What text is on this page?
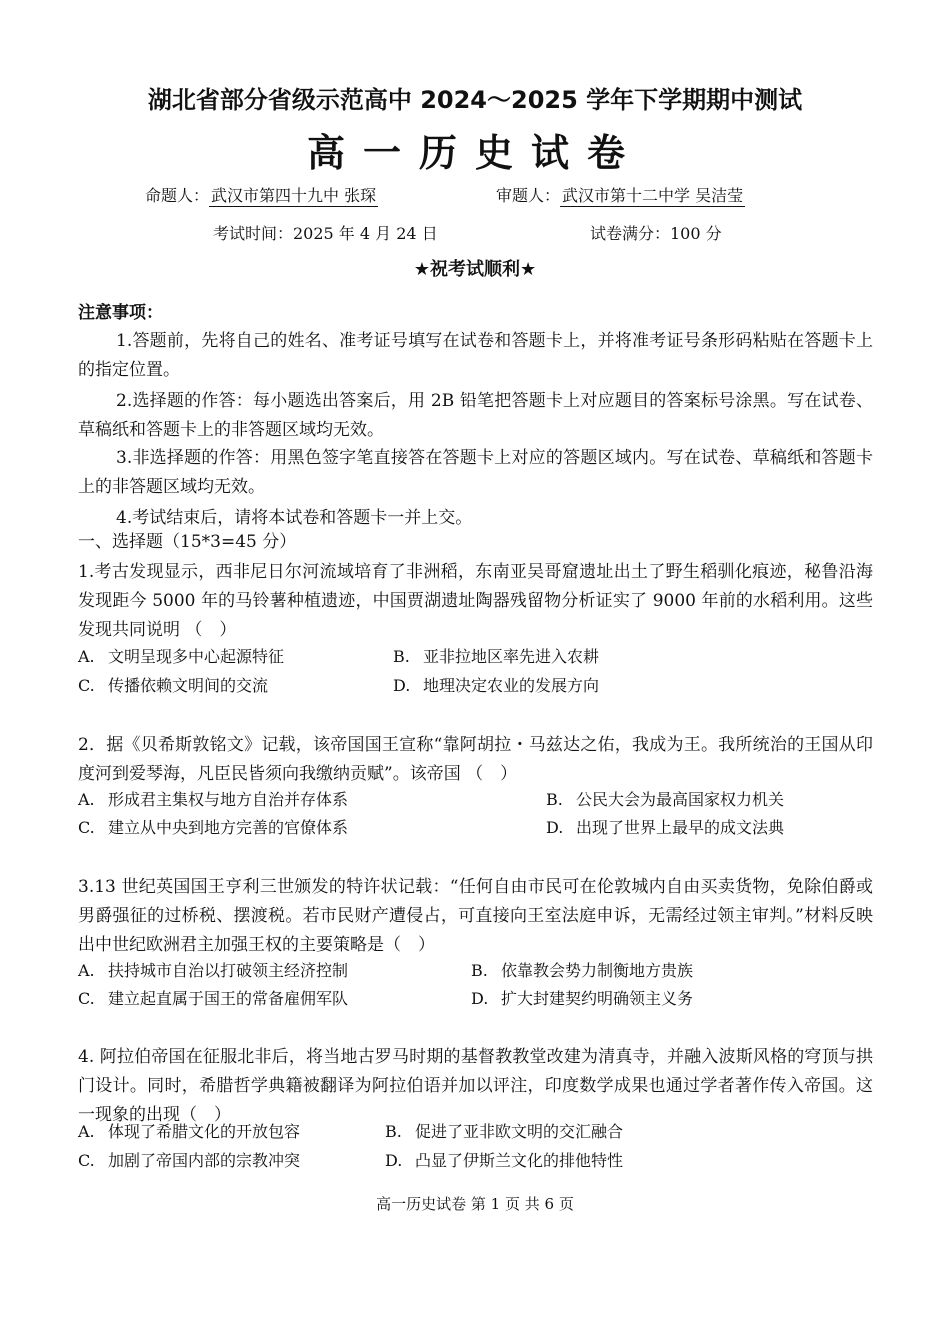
湖北省部分省级示范高中 2024～2025 学年下学期期中测试
高一历史试卷
命题人： 武汉市第四十九中 张琛	审题人： 武汉市第十二中学 吴洁莹
考试时间：2025 年 4 月 24 日	试卷满分：100 分
★祝考试顺利★
注意事项：
1.答题前，先将自己的姓名、准考证号填写在试卷和答题卡上，并将准考证号条形码粘贴在答题卡上的指定位置。
2.选择题的作答：每小题选出答案后，用 2B 铅笔把答题卡上对应题目的答案标号涂黑。写在试卷、草稿纸和答题卡上的非答题区域均无效。
3.非选择题的作答：用黑色签字笔直接答在答题卡上对应的答题区域内。写在试卷、草稿纸和答题卡上的非答题区域均无效。
4.考试结束后，请将本试卷和答题卡一并上交。
一、选择题（15*3=45 分）
1.考古发现显示，西非尼日尔河流域培育了非洲稻，东南亚吴哥窟遗址出土了野生稻驯化痕迹，秘鲁沿海发现距今 5000 年的马铃薯种植遗迹，中国贾湖遗址陶器残留物分析证实了 9000 年前的水稻利用。这些发现共同说明 （　）
A. 文明呈现多中心起源特征	B. 亚非拉地区率先进入农耕
C. 传播依赖文明间的交流	D. 地理决定农业的发展方向
2．据《贝希斯敦铭文》记载，该帝国国王宣称“靠阿胡拉・马兹达之佑，我成为王。我所统治的王国从印度河到爱琴海，凡臣民皆须向我缴纳贡赋”。该帝国 （　）
A. 形成君主集权与地方自治并存体系	B. 公民大会为最高国家权力机关
C. 建立从中央到地方完善的官僚体系	D. 出现了世界上最早的成文法典
3.13 世纪英国国王亨利三世颁发的特许状记载：“任何自由市民可在伦敦城内自由买卖货物，免除伯爵或男爵强征的过桥税、摆渡税。若市民财产遭侵占，可直接向王室法庭申诉，无需经过领主审判。”材料反映出中世纪欧洲君主加强王权的主要策略是（　）
A. 扶持城市自治以打破领主经济控制	B. 依靠教会势力制衡地方贵族
C. 建立起直属于国王的常备雇佣军队	D. 扩大封建契约明确领主义务
4. 阿拉伯帝国在征服北非后，将当地古罗马时期的基督教教堂改建为清真寺，并融入波斯风格的穹顶与拱门设计。同时，希腊哲学典籍被翻译为阿拉伯语并加以评注，印度数学成果也通过学者著作传入帝国。这一现象的出现（　）
A. 体现了希腊文化的开放包容	B. 促进了亚非欧文明的交汇融合
C. 加剧了帝国内部的宗教冲突	D. 凸显了伊斯兰文化的排他特性
高一历史试卷 第 1 页 共 6 页
